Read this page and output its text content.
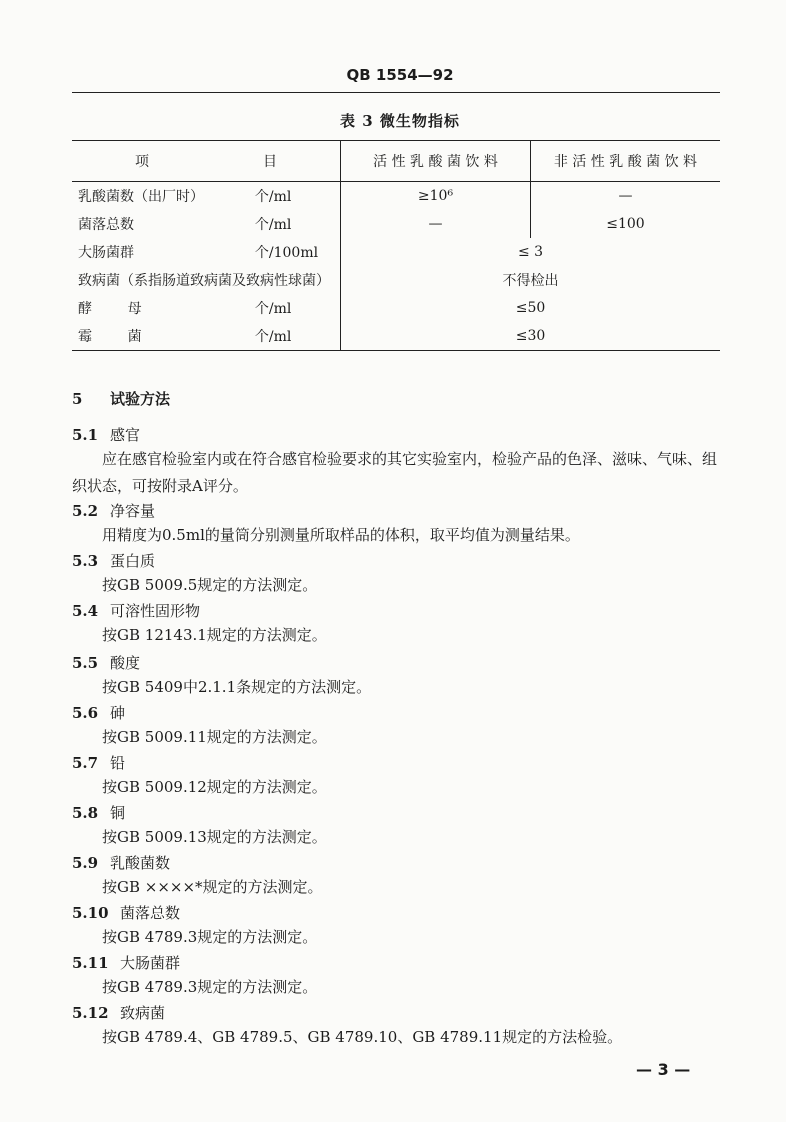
QB 1554—92
表 3 微生物指标
项 目		活 性 乳 酸 菌 饮 料	非 活 性 乳 酸 菌 饮 料
乳酸菌数（出厂时）	个/ml	≥10⁶	—
菌落总数	个/ml	—	≤100
大肠菌群	个/100ml	≤ 3	
致病菌（系指肠道致病菌及致病性球菌）		不得检出	
酵        母	个/ml	≤50	
霉        菌	个/ml	≤30	
5 试验方法
5.1 感官
应在感官检验室内或在符合感官检验要求的其它实验室内，检验产品的色泽、滋味、气味、组织状态，可按附录A评分。
5.2 净容量
用精度为0.5ml的量筒分别测量所取样品的体积，取平均值为测量结果。
5.3 蛋白质
按GB 5009.5规定的方法测定。
5.4 可溶性固形物
按GB 12143.1规定的方法测定。
5.5 酸度
按GB 5409中2.1.1条规定的方法测定。
5.6 砷
按GB 5009.11规定的方法测定。
5.7 铅
按GB 5009.12规定的方法测定。
5.8 铜
按GB 5009.13规定的方法测定。
5.9 乳酸菌数
按GB ××××*规定的方法测定。
5.10 菌落总数
按GB 4789.3规定的方法测定。
5.11 大肠菌群
按GB 4789.3规定的方法测定。
5.12 致病菌
按GB 4789.4、GB 4789.5、GB 4789.10、GB 4789.11规定的方法检验。
— 3 —
